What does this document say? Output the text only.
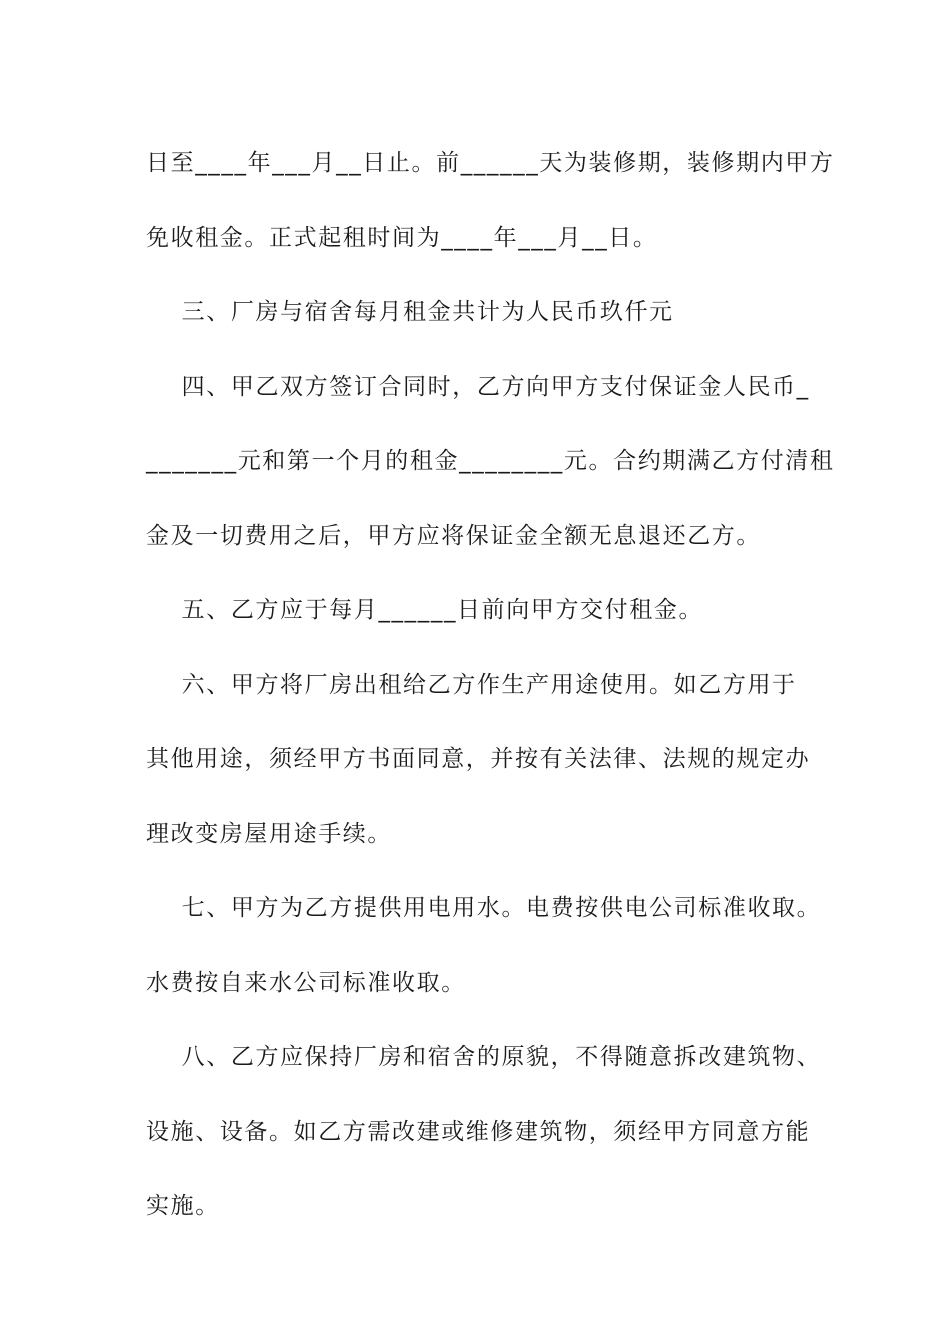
日至____年___月__日止。前______天为装修期，装修期内甲方
免收租金。正式起租时间为____年___月__日。
三、厂房与宿舍每月租金共计为人民币玖仟元
四、甲乙双方签订合同时，乙方向甲方支付保证金人民币_
_______元和第一个月的租金________元。合约期满乙方付清租
金及一切费用之后，甲方应将保证金全额无息退还乙方。
五、乙方应于每月______日前向甲方交付租金。
六、甲方将厂房出租给乙方作生产用途使用。如乙方用于
其他用途，须经甲方书面同意，并按有关法律、法规的规定办
理改变房屋用途手续。
七、甲方为乙方提供用电用水。电费按供电公司标准收取。
水费按自来水公司标准收取。
八、乙方应保持厂房和宿舍的原貌，不得随意拆改建筑物、
设施、设备。如乙方需改建或维修建筑物，须经甲方同意方能
实施。
